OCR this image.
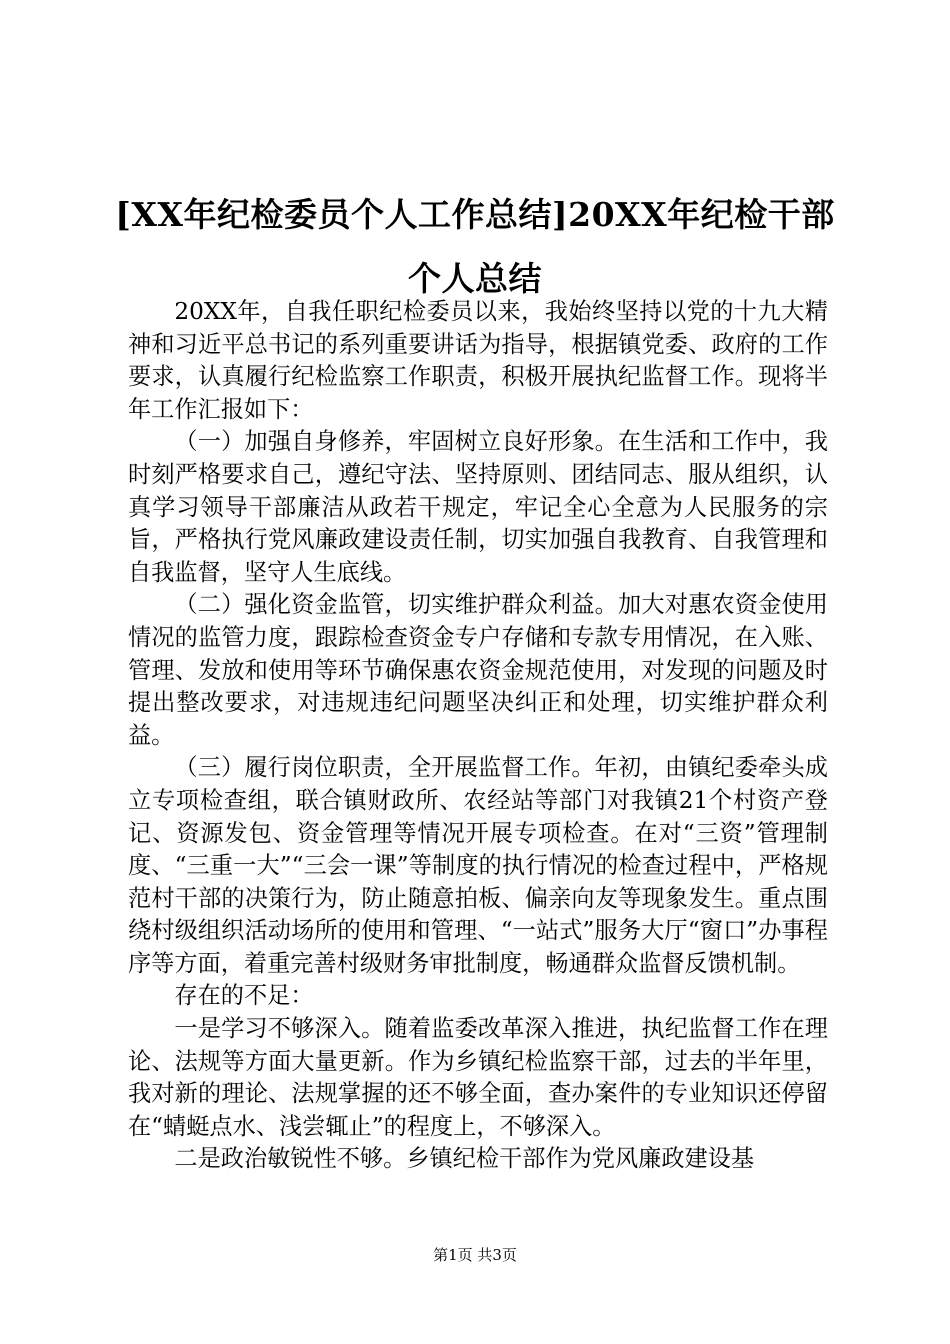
[XX年纪检委员个人工作总结]20XX年纪检干部个人总结

20XX年，自我任职纪检委员以来，我始终坚持以党的十九大精神和习近平总书记的系列重要讲话为指导，根据镇党委、政府的工作要求，认真履行纪检监察工作职责，积极开展执纪监督工作。现将半年工作汇报如下：

（一）加强自身修养，牢固树立良好形象。在生活和工作中，我时刻严格要求自己，遵纪守法、坚持原则、团结同志、服从组织，认真学习领导干部廉洁从政若干规定，牢记全心全意为人民服务的宗旨，严格执行党风廉政建设责任制，切实加强自我教育、自我管理和自我监督，坚守人生底线。

（二）强化资金监管，切实维护群众利益。加大对惠农资金使用情况的监管力度，跟踪检查资金专户存储和专款专用情况，在入账、管理、发放和使用等环节确保惠农资金规范使用，对发现的问题及时提出整改要求，对违规违纪问题坚决纠正和处理，切实维护群众利益。

（三）履行岗位职责，全开展监督工作。年初，由镇纪委牵头成立专项检查组，联合镇财政所、农经站等部门对我镇21个村资产登记、资源发包、资金管理等情况开展专项检查。在对“三资”管理制度、“三重一大”“三会一课”等制度的执行情况的检查过程中，严格规范村干部的决策行为，防止随意拍板、偏亲向友等现象发生。重点围绕村级组织活动场所的使用和管理、“一站式”服务大厅“窗口”办事程序等方面，着重完善村级财务审批制度，畅通群众监督反馈机制。

存在的不足：

一是学习不够深入。随着监委改革深入推进，执纪监督工作在理论、法规等方面大量更新。作为乡镇纪检监察干部，过去的半年里，我对新的理论、法规掌握的还不够全面，查办案件的专业知识还停留在“蜻蜓点水、浅尝辄止”的程度上，不够深入。

二是政治敏锐性不够。乡镇纪检干部作为党风廉政建设基

第1页 共3页
